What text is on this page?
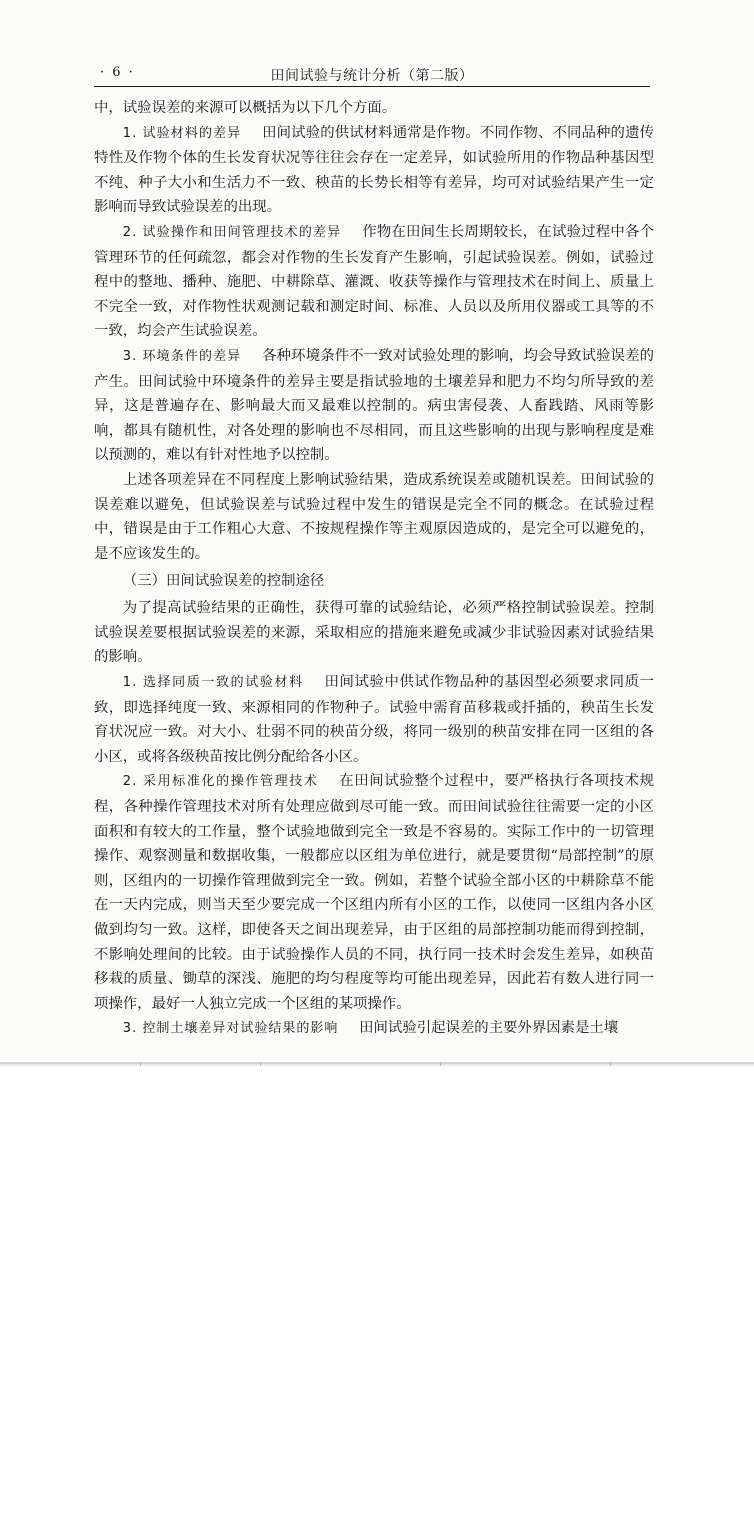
· 6 ·	田间试验与统计分析（第二版）

中，试验误差的来源可以概括为以下几个方面。

1. 试验材料的差异 田间试验的供试材料通常是作物。不同作物、不同品种的遗传特性及作物个体的生长发育状况等往往会存在一定差异，如试验所用的作物品种基因型不纯、种子大小和生活力不一致、秧苗的长势长相等有差异，均可对试验结果产生一定影响而导致试验误差的出现。

2. 试验操作和田间管理技术的差异 作物在田间生长周期较长，在试验过程中各个管理环节的任何疏忽，都会对作物的生长发育产生影响，引起试验误差。例如，试验过程中的整地、播种、施肥、中耕除草、灌溉、收获等操作与管理技术在时间上、质量上不完全一致，对作物性状观测记载和测定时间、标准、人员以及所用仪器或工具等的不一致，均会产生试验误差。

3. 环境条件的差异 各种环境条件不一致对试验处理的影响，均会导致试验误差的产生。田间试验中环境条件的差异主要是指试验地的土壤差异和肥力不均匀所导致的差异，这是普遍存在、影响最大而又最难以控制的。病虫害侵袭、人畜践踏、风雨等影响，都具有随机性，对各处理的影响也不尽相同，而且这些影响的出现与影响程度是难以预测的，难以有针对性地予以控制。

上述各项差异在不同程度上影响试验结果，造成系统误差或随机误差。田间试验的误差难以避免，但试验误差与试验过程中发生的错误是完全不同的概念。在试验过程中，错误是由于工作粗心大意、不按规程操作等主观原因造成的，是完全可以避免的，是不应该发生的。

（三）田间试验误差的控制途径

为了提高试验结果的正确性，获得可靠的试验结论，必须严格控制试验误差。控制试验误差要根据试验误差的来源，采取相应的措施来避免或减少非试验因素对试验结果的影响。

1. 选择同质一致的试验材料 田间试验中供试作物品种的基因型必须要求同质一致，即选择纯度一致、来源相同的作物种子。试验中需育苗移栽或扦插的，秧苗生长发育状况应一致。对大小、壮弱不同的秧苗分级，将同一级别的秧苗安排在同一区组的各小区，或将各级秧苗按比例分配给各小区。

2. 采用标准化的操作管理技术 在田间试验整个过程中，要严格执行各项技术规程，各种操作管理技术对所有处理应做到尽可能一致。而田间试验往往需要一定的小区面积和有较大的工作量，整个试验地做到完全一致是不容易的。实际工作中的一切管理操作、观察测量和数据收集，一般都应以区组为单位进行，就是要贯彻“局部控制”的原则，区组内的一切操作管理做到完全一致。例如，若整个试验全部小区的中耕除草不能在一天内完成，则当天至少要完成一个区组内所有小区的工作，以使同一区组内各小区做到均匀一致。这样，即使各天之间出现差异，由于区组的局部控制功能而得到控制，不影响处理间的比较。由于试验操作人员的不同，执行同一技术时会发生差异，如秧苗移栽的质量、锄草的深浅、施肥的均匀程度等均可能出现差异，因此若有数人进行同一项操作，最好一人独立完成一个区组的某项操作。

3. 控制土壤差异对试验结果的影响 田间试验引起误差的主要外界因素是土壤
